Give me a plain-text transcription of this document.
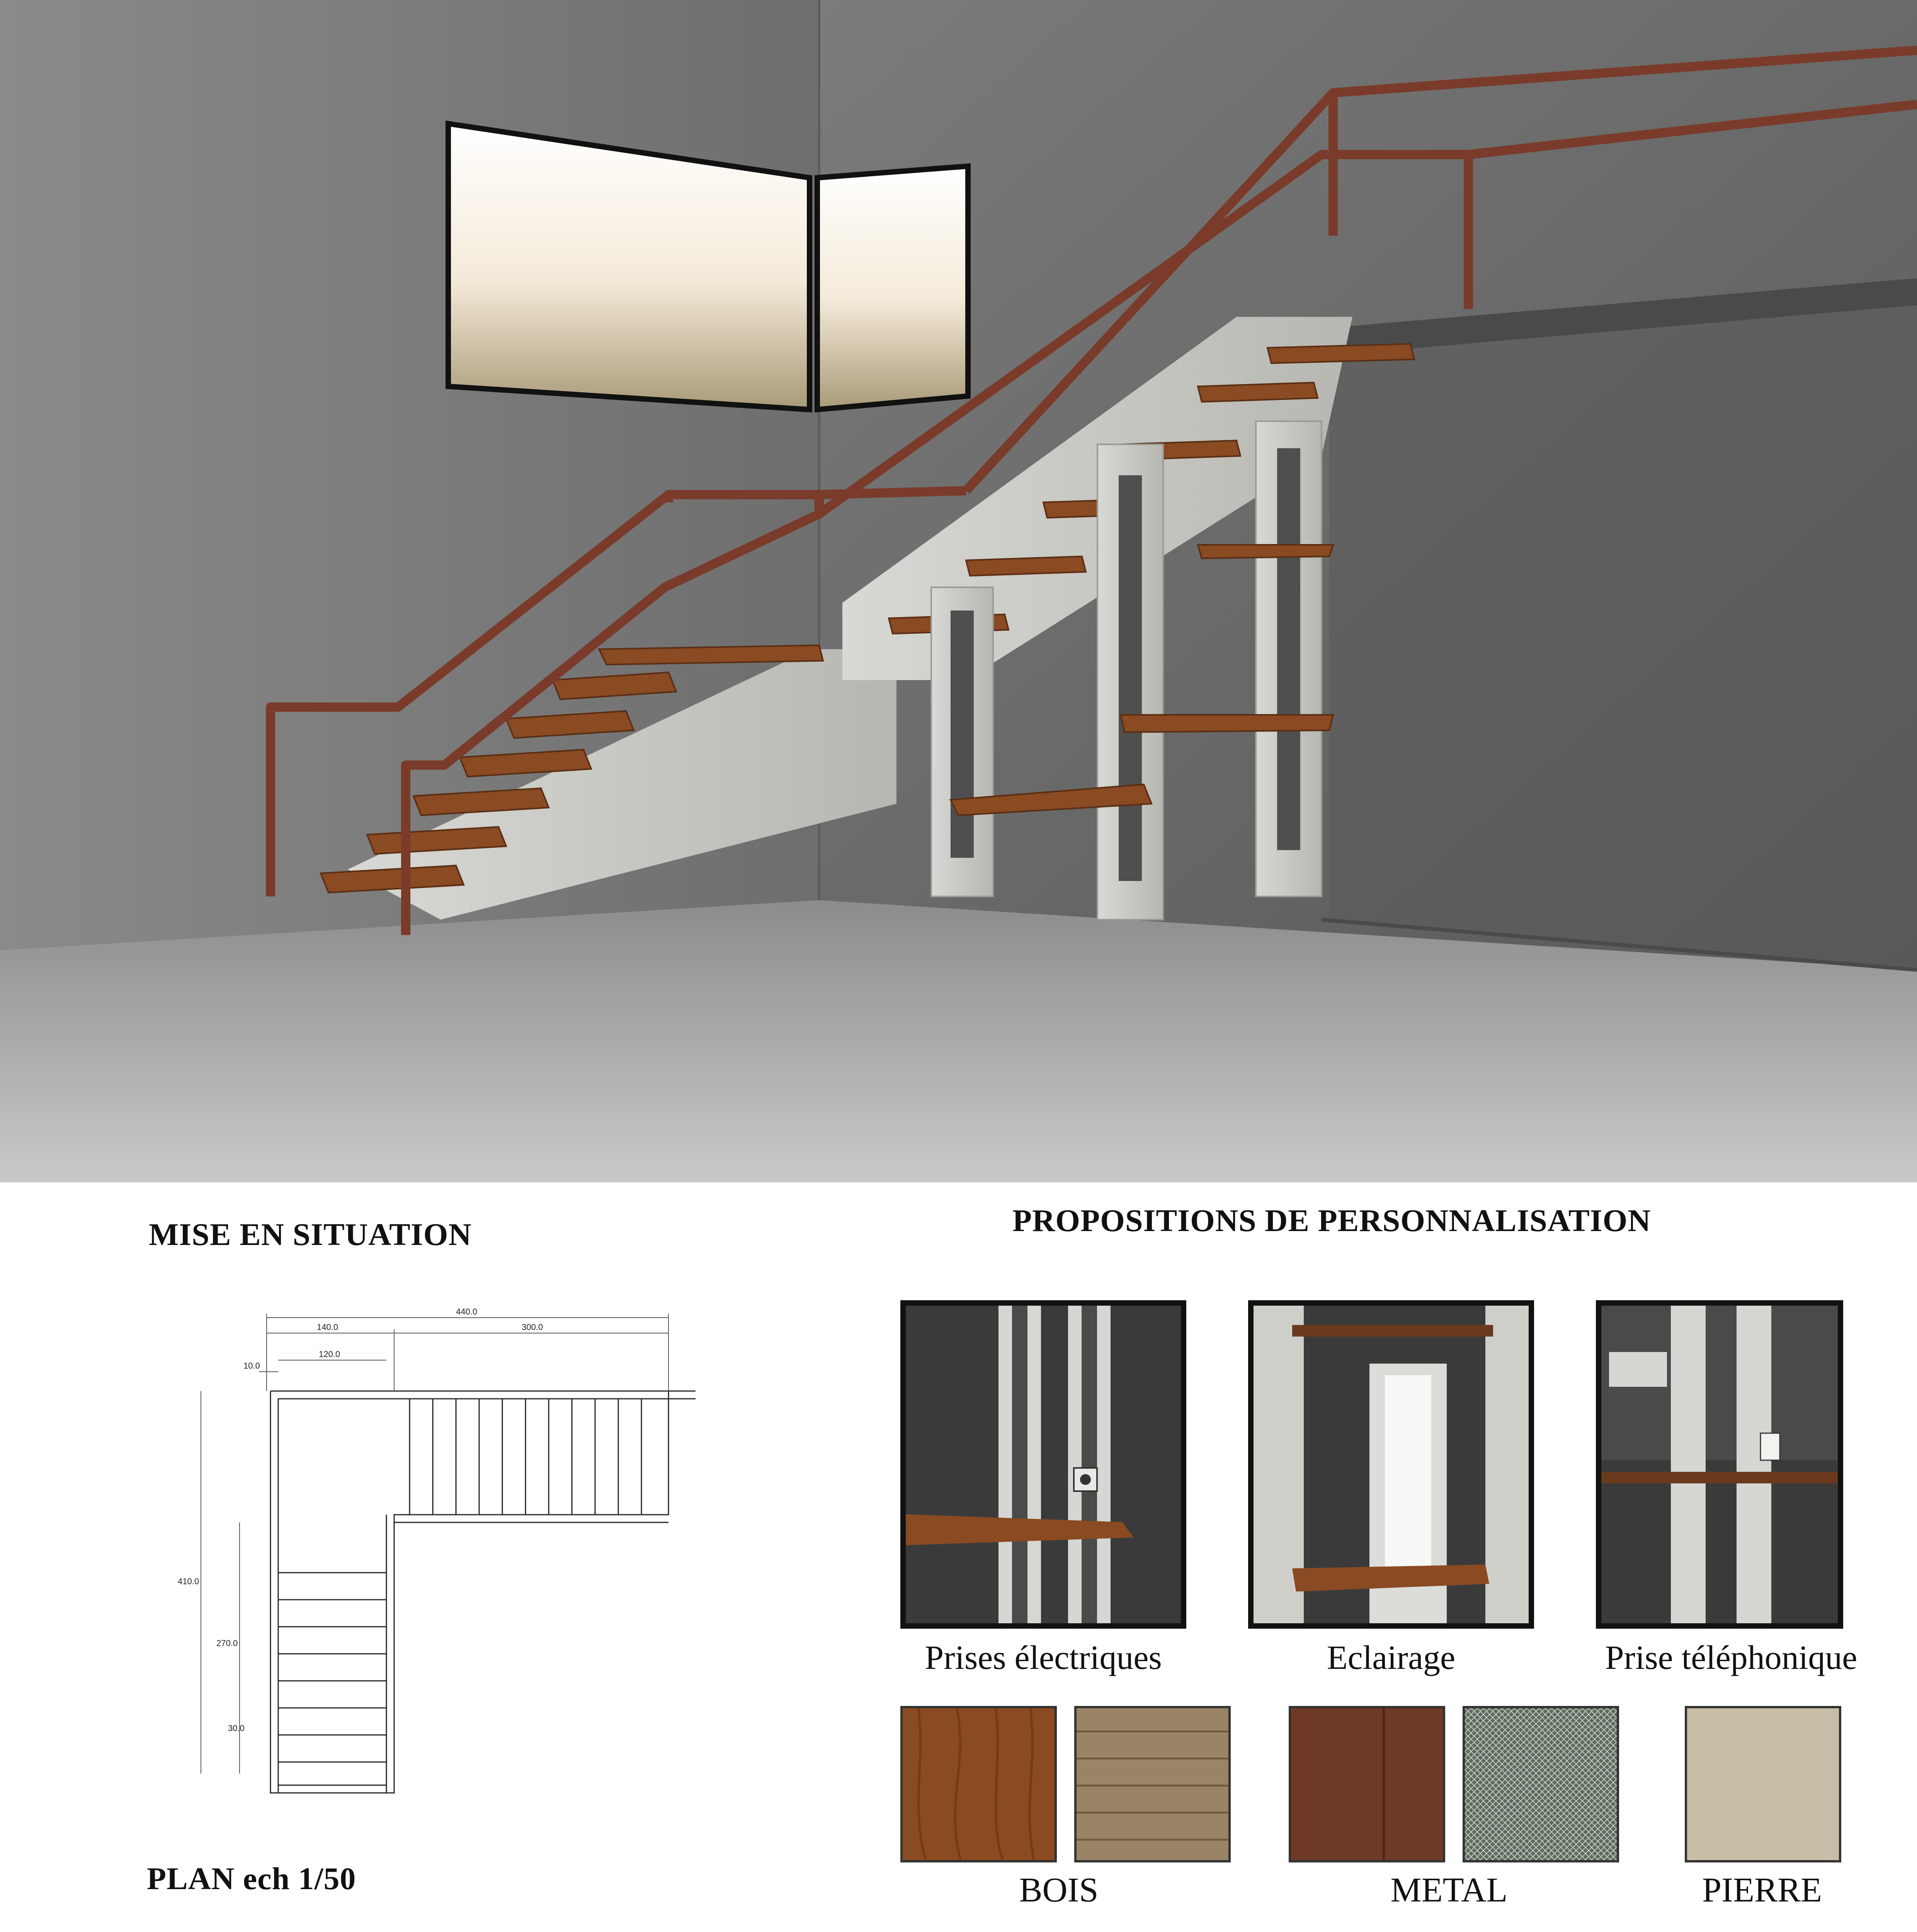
MISE EN SITUATION	PROPOSITIONS DE PERSONNALISATION
440.0
140.0	300.0
120.0
10.0
410.0
270.0
30.0
PLAN ech 1/50
Prises électriques	Eclairage	Prise téléphonique
BOIS	METAL	PIERRE
